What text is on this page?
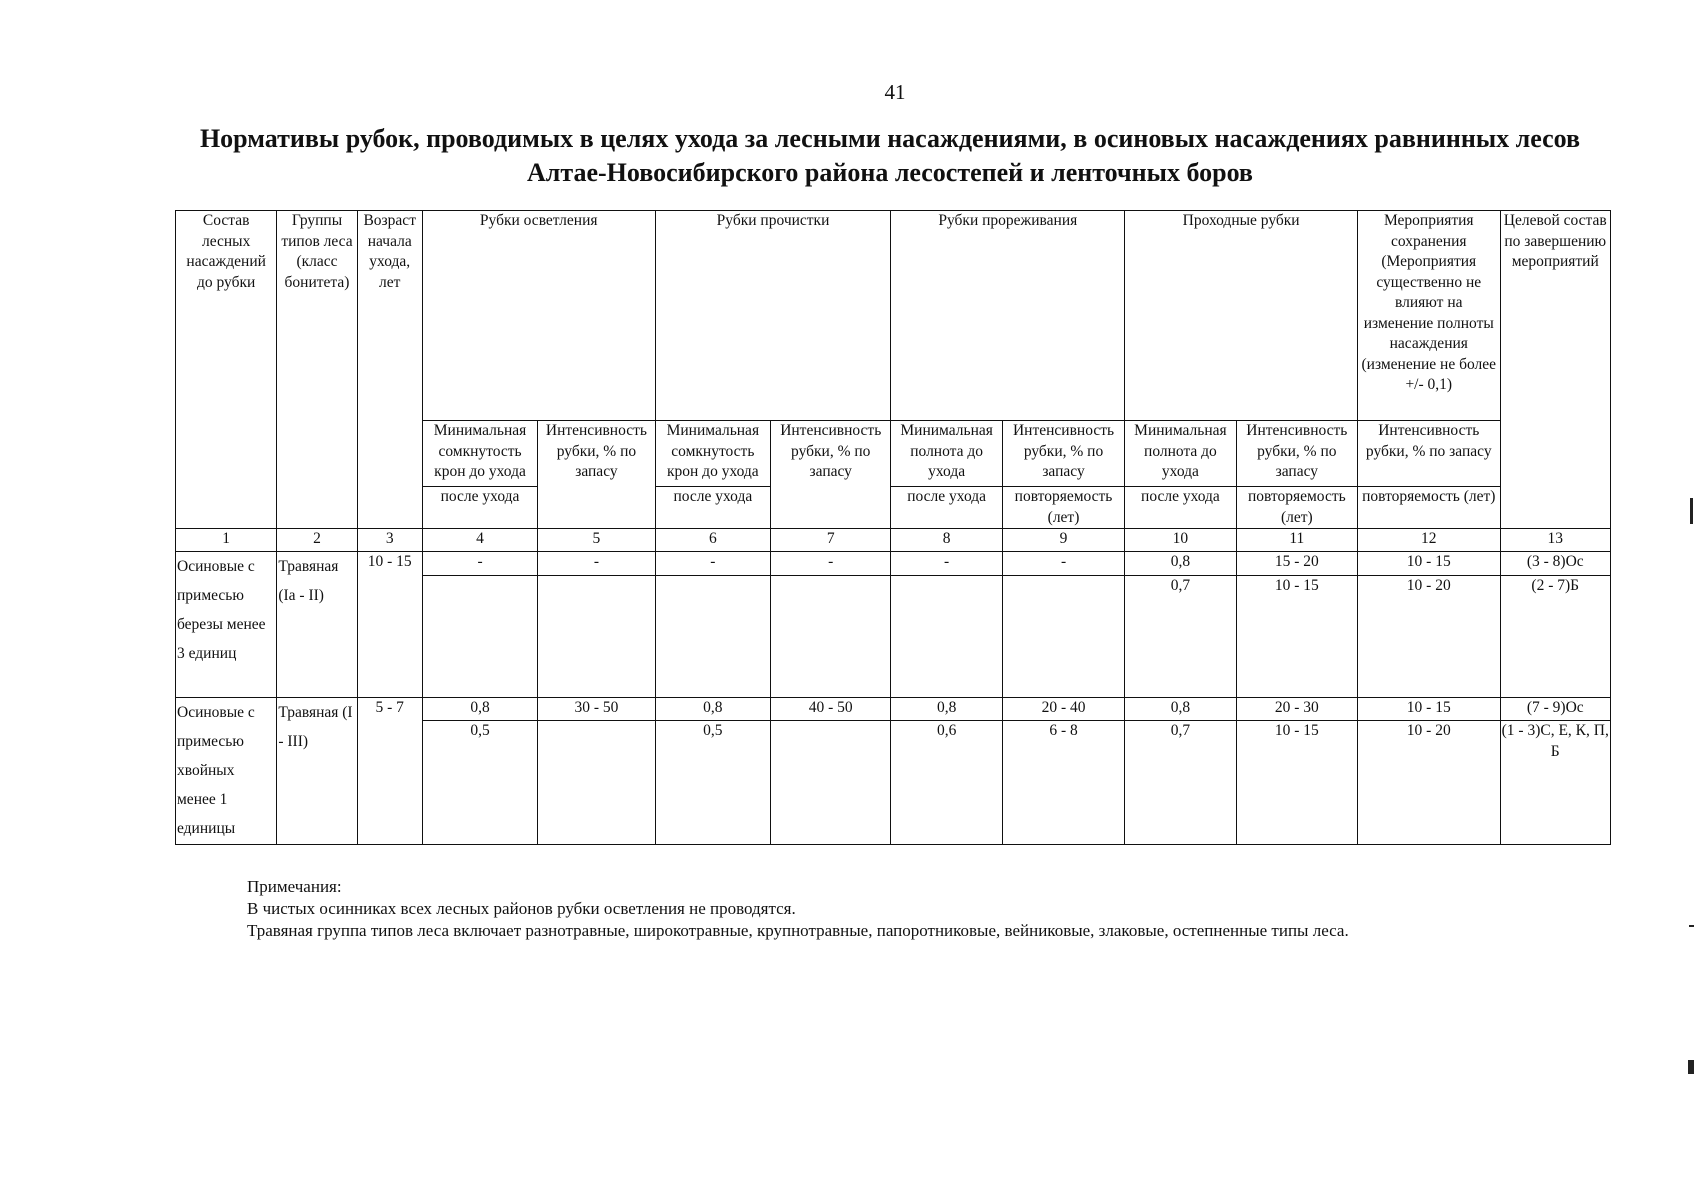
41
Нормативы рубок, проводимых в целях ухода за лесными насаждениями, в осиновых насаждениях равнинных лесов Алтае-Новосибирского района лесостепей и ленточных боров
Состав лесных насаждений до рубки	Группы типов леса (класс бонитета)	Возраст начала ухода, лет	Рубки осветления		Рубки прочистки		Рубки прореживания		Проходные рубки		Мероприятия сохранения (Мероприятия существенно не влияют на изменение полноты насаждения (изменение не более +/- 0,1)	Целевой состав по завершению мероприятий
			Минимальная сомкнутость крон до ухода	Интенсивность рубки, % по запасу	Минимальная сомкнутость крон до ухода	Интенсивность рубки, % по запасу	Минимальная полнота до ухода	Интенсивность рубки, % по запасу	Минимальная полнота до ухода	Интенсивность рубки, % по запасу	Интенсивность рубки, % по запасу	
			после ухода		после ухода		после ухода	повторяемость (лет)	после ухода	повторяемость (лет)	повторяемость (лет)	
1	2	3	4	5	6	7	8	9	10	11	12	13
Осиновые с примесью березы менее 3 единиц	Травяная (Ia - II)	10 - 15	-	-	-	-	-	-	0,8	15 - 20	10 - 15	(3 - 8)Ос
									0,7	10 - 15	10 - 20	(2 - 7)Б
Осиновые с примесью хвойных менее 1 единицы	Травяная (I - III)	5 - 7	0,8	30 - 50	0,8	40 - 50	0,8	20 - 40	0,8	20 - 30	10 - 15	(7 - 9)Ос
			0,5		0,5		0,6	6 - 8	0,7	10 - 15	10 - 20	(1 - 3)С, Е, К, П, Б
Примечания:
В чистых осинниках всех лесных районов рубки осветления не проводятся.
Травяная группа типов леса включает разнотравные, широкотравные, крупнотравные, папоротниковые, вейниковые, злаковые, остепненные типы леса.
